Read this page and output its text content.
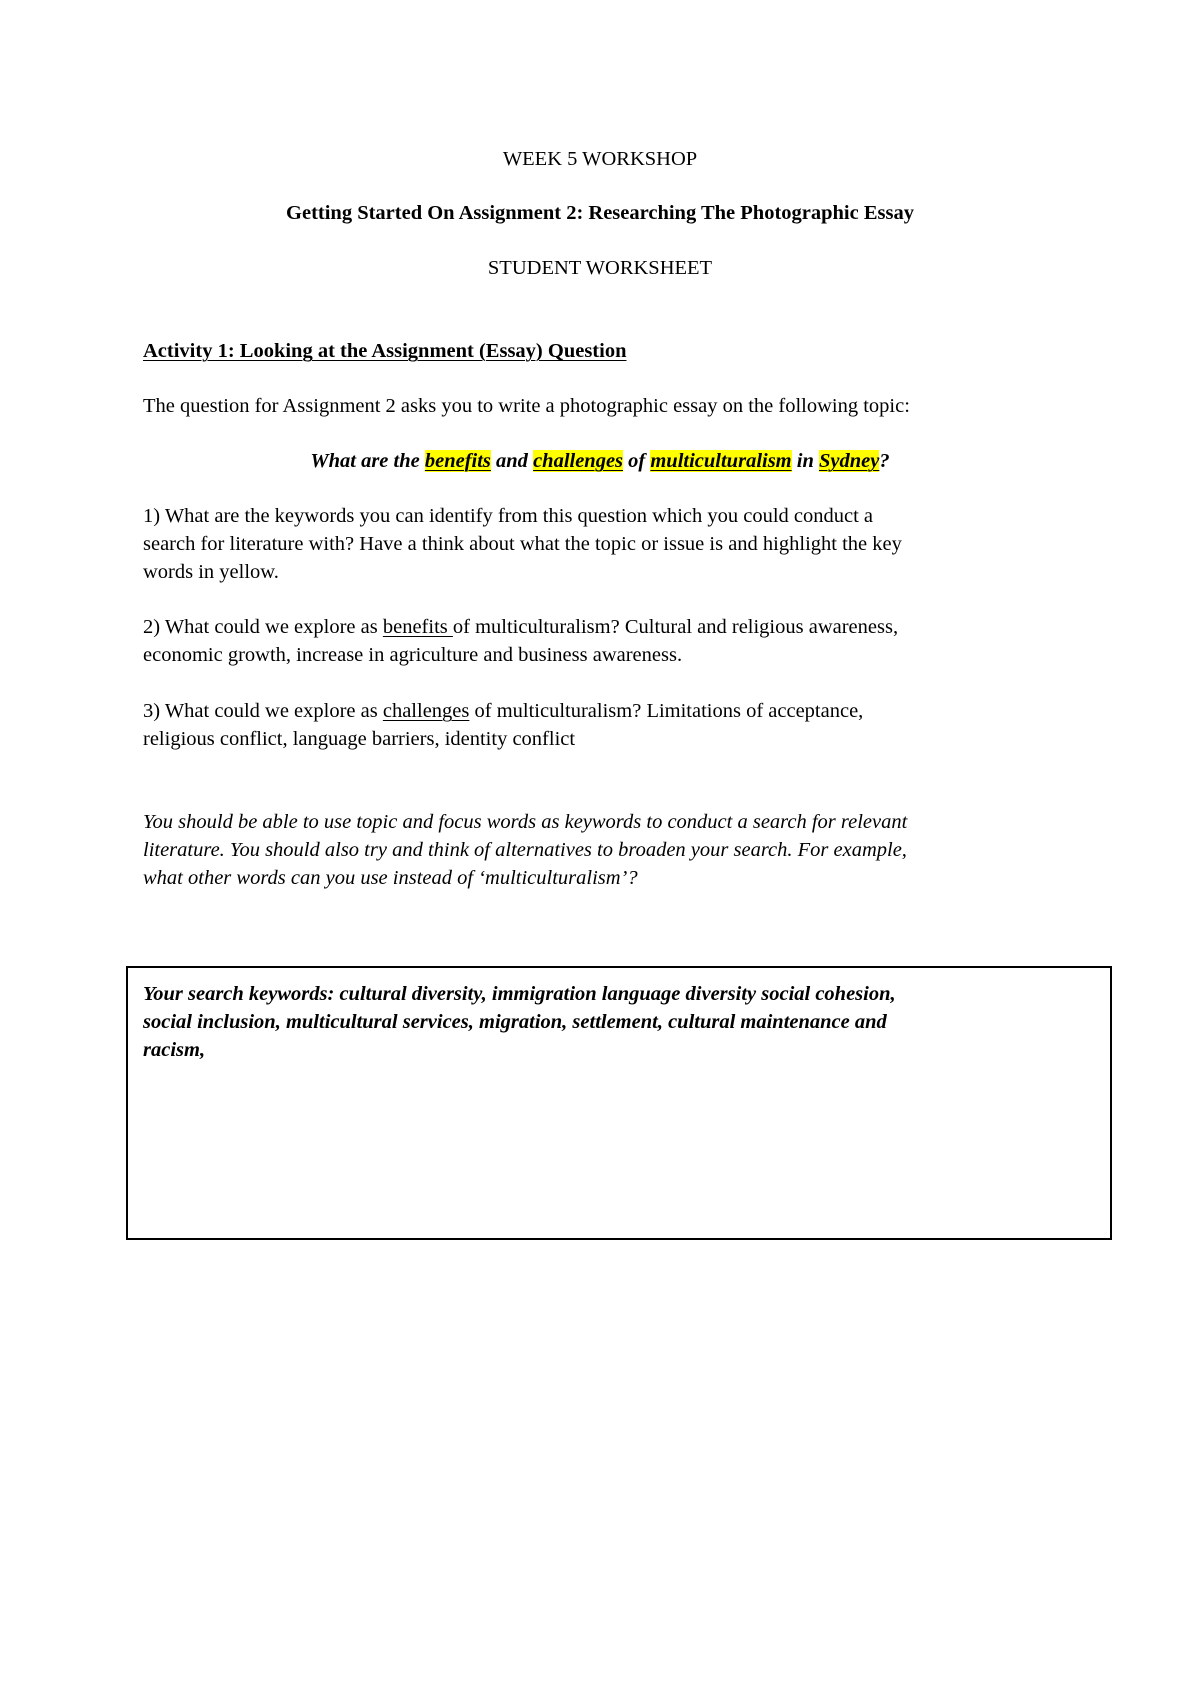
WEEK 5 WORKSHOP
Getting Started On Assignment 2: Researching The Photographic Essay
STUDENT WORKSHEET
Activity 1: Looking at the Assignment (Essay) Question
The question for Assignment 2 asks you to write a photographic essay on the following topic:
What are the benefits and challenges of multiculturalism in Sydney?
1) What are the keywords you can identify from this question which you could conduct a
search for literature with? Have a think about what the topic or issue is and highlight the key
words in yellow.
2) What could we explore as benefits of multiculturalism? Cultural and religious awareness,
economic growth, increase in agriculture and business awareness.
3) What could we explore as challenges of multiculturalism? Limitations of acceptance,
religious conflict, language barriers, identity conflict
You should be able to use topic and focus words as keywords to conduct a search for relevant
literature. You should also try and think of alternatives to broaden your search. For example,
what other words can you use instead of ‘multiculturalism’?
Your search keywords: cultural diversity, immigration language diversity social cohesion,
social inclusion, multicultural services, migration, settlement, cultural maintenance and
racism,
